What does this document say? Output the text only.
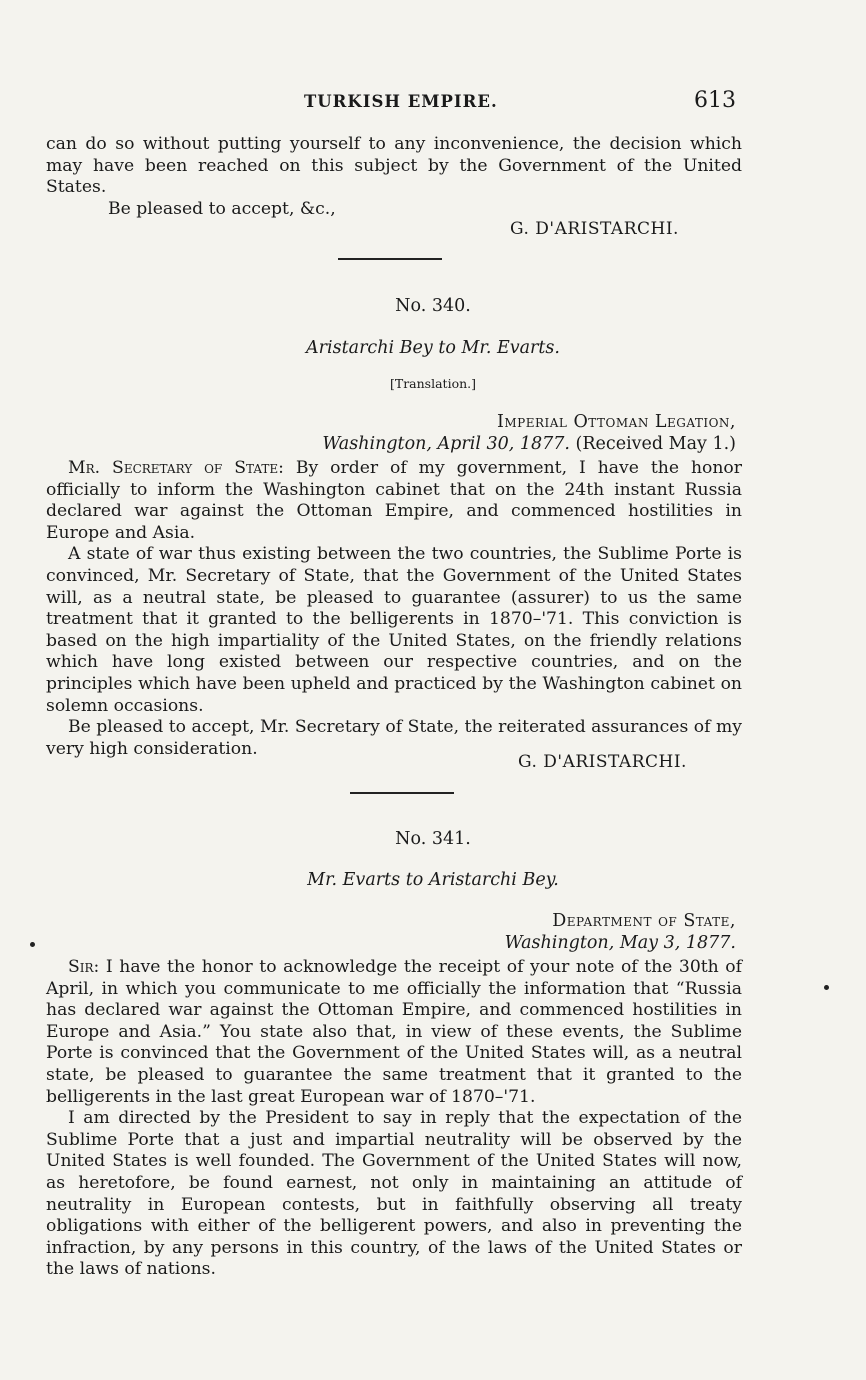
TURKISH EMPIRE.	613

can do so without putting yourself to any inconvenience, the decision which may have been reached on this subject by the Government of the United States.

Be pleased to accept, &c.,

G. D'ARISTARCHI.
No. 340.
Aristarchi Bey to Mr. Evarts.
[Translation.]
Imperial Ottoman Legation,
Washington, April 30, 1877. (Received May 1.)

Mr. Secretary of State: By order of my government, I have the honor officially to inform the Washington cabinet that on the 24th instant Russia declared war against the Ottoman Empire, and commenced hostilities in Europe and Asia.

A state of war thus existing between the two countries, the Sublime Porte is convinced, Mr. Secretary of State, that the Government of the United States will, as a neutral state, be pleased to guarantee (assurer) to us the same treatment that it granted to the belligerents in 1870–'71. This conviction is based on the high impartiality of the United States, on the friendly relations which have long existed between our respective countries, and on the principles which have been upheld and practiced by the Washington cabinet on solemn occasions.

Be pleased to accept, Mr. Secretary of State, the reiterated assurances of my very high consideration.

G. D'ARISTARCHI.
No. 341.
Mr. Evarts to Aristarchi Bey.
Department of State,
Washington, May 3, 1877.

Sir: I have the honor to acknowledge the receipt of your note of the 30th of April, in which you communicate to me officially the information that “Russia has declared war against the Ottoman Empire, and commenced hostilities in Europe and Asia.” You state also that, in view of these events, the Sublime Porte is convinced that the Government of the United States will, as a neutral state, be pleased to guarantee the same treatment that it granted to the belligerents in the last great European war of 1870–'71.

I am directed by the President to say in reply that the expectation of the Sublime Porte that a just and impartial neutrality will be observed by the United States is well founded. The Government of the United States will now, as heretofore, be found earnest, not only in maintaining an attitude of neutrality in European contests, but in faithfully observing all treaty obligations with either of the belligerent powers, and also in preventing the infraction, by any persons in this country, of the laws of the United States or the laws of nations.
